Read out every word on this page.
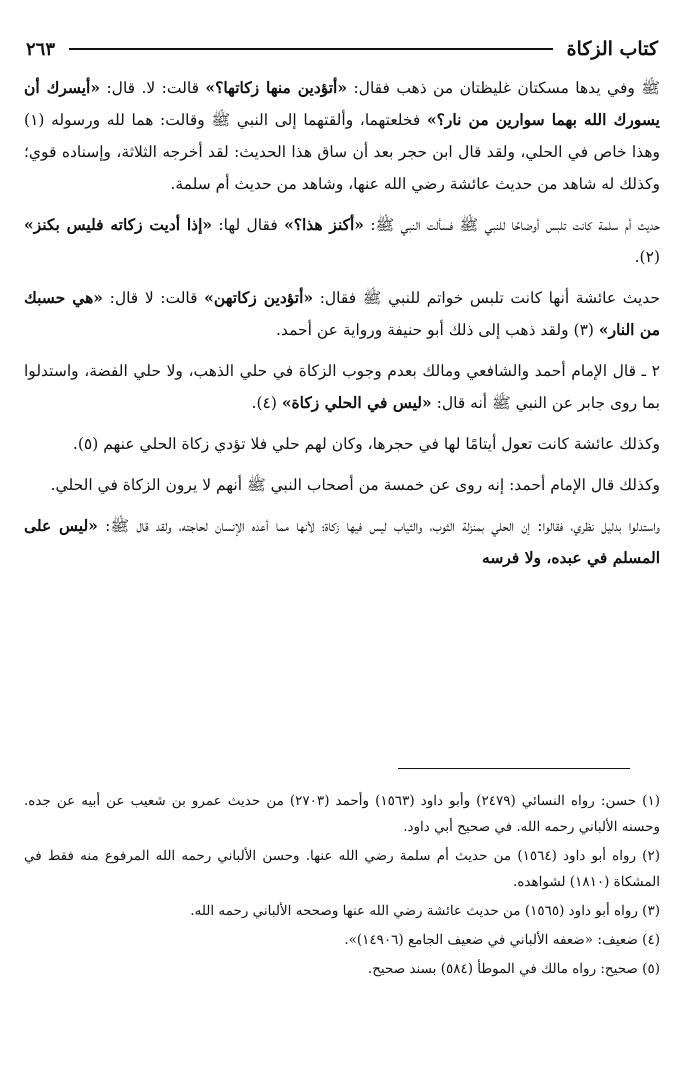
كتاب الزكاة
٢٦٣

ﷺ وفي يدها مسكتان غليظتان من ذهب فقال: «أتؤدين منها زكاتها؟» قالت: لا. قال: «أيسرك أن يسورك الله بهما سوارين من نار؟» فخلعتهما، وألقتهما إلى النبي ﷺ وقالت: هما لله ورسوله (١) وهذا خاص في الحلي، ولقد قال ابن حجر بعد أن ساق هذا الحديث: لقد أخرجه الثلاثة، وإسناده قوي؛ وكذلك له شاهد من حديث عائشة رضي الله عنها، وشاهد من حديث أم سلمة.

حديث أم سلمة كانت تلبس أوضاحًا للنبي ﷺ فسألت النبي ﷺ: «أكنز هذا؟» فقال لها: «إذا أديت زكاته فليس بكنز» (٢).

حديث عائشة أنها كانت تلبس خواتم للنبي ﷺ فقال: «أتؤدين زكاتهن» قالت: لا قال: «هي حسبك من النار» (٣) ولقد ذهب إلى ذلك أبو حنيفة ورواية عن أحمد.

٢ ـ قال الإمام أحمد والشافعي ومالك بعدم وجوب الزكاة في حلي الذهب، ولا حلي الفضة، واستدلوا بما روى جابر عن النبي ﷺ أنه قال: «ليس في الحلي زكاة» (٤).

وكذلك عائشة كانت تعول أيتامًا لها في حجرها، وكان لهم حلي فلا تؤدي زكاة الحلي عنهم (٥).

وكذلك قال الإمام أحمد: إنه روى عن خمسة من أصحاب النبي ﷺ أنهم لا يرون الزكاة في الحلي.

واستدلوا بدليل نظري، فقالوا: إن الحلي بمنزلة الثوب، والثياب ليس فيها زكاة؛ لأنها مما أعده الإنسان لحاجته، ولقد قال ﷺ: «ليس على المسلم في عبده، ولا فرسه

(١) حسن: رواه النسائي (٢٤٧٩) وأبو داود (١٥٦٣) وأحمد (٢٧٠٣) من حديث عمرو بن شعيب عن أبيه عن جده. وحسنه الألباني رحمه الله. في صحيح أبي داود.

(٢) رواه أبو داود (١٥٦٤) من حديث أم سلمة رضي الله عنها. وحسن الألباني رحمه الله المرفوع منه فقط في المشكاة (١٨١٠) لشواهده.

(٣) رواه أبو داود (١٥٦٥) من حديث عائشة رضي الله عنها وصححه الألباني رحمه الله.

(٤) ضعيف: «ضعفه الألباني في ضعيف الجامع (١٤٩٠٦)».

(٥) صحيح: رواه مالك في الموطأ (٥٨٤) بسند صحيح.
